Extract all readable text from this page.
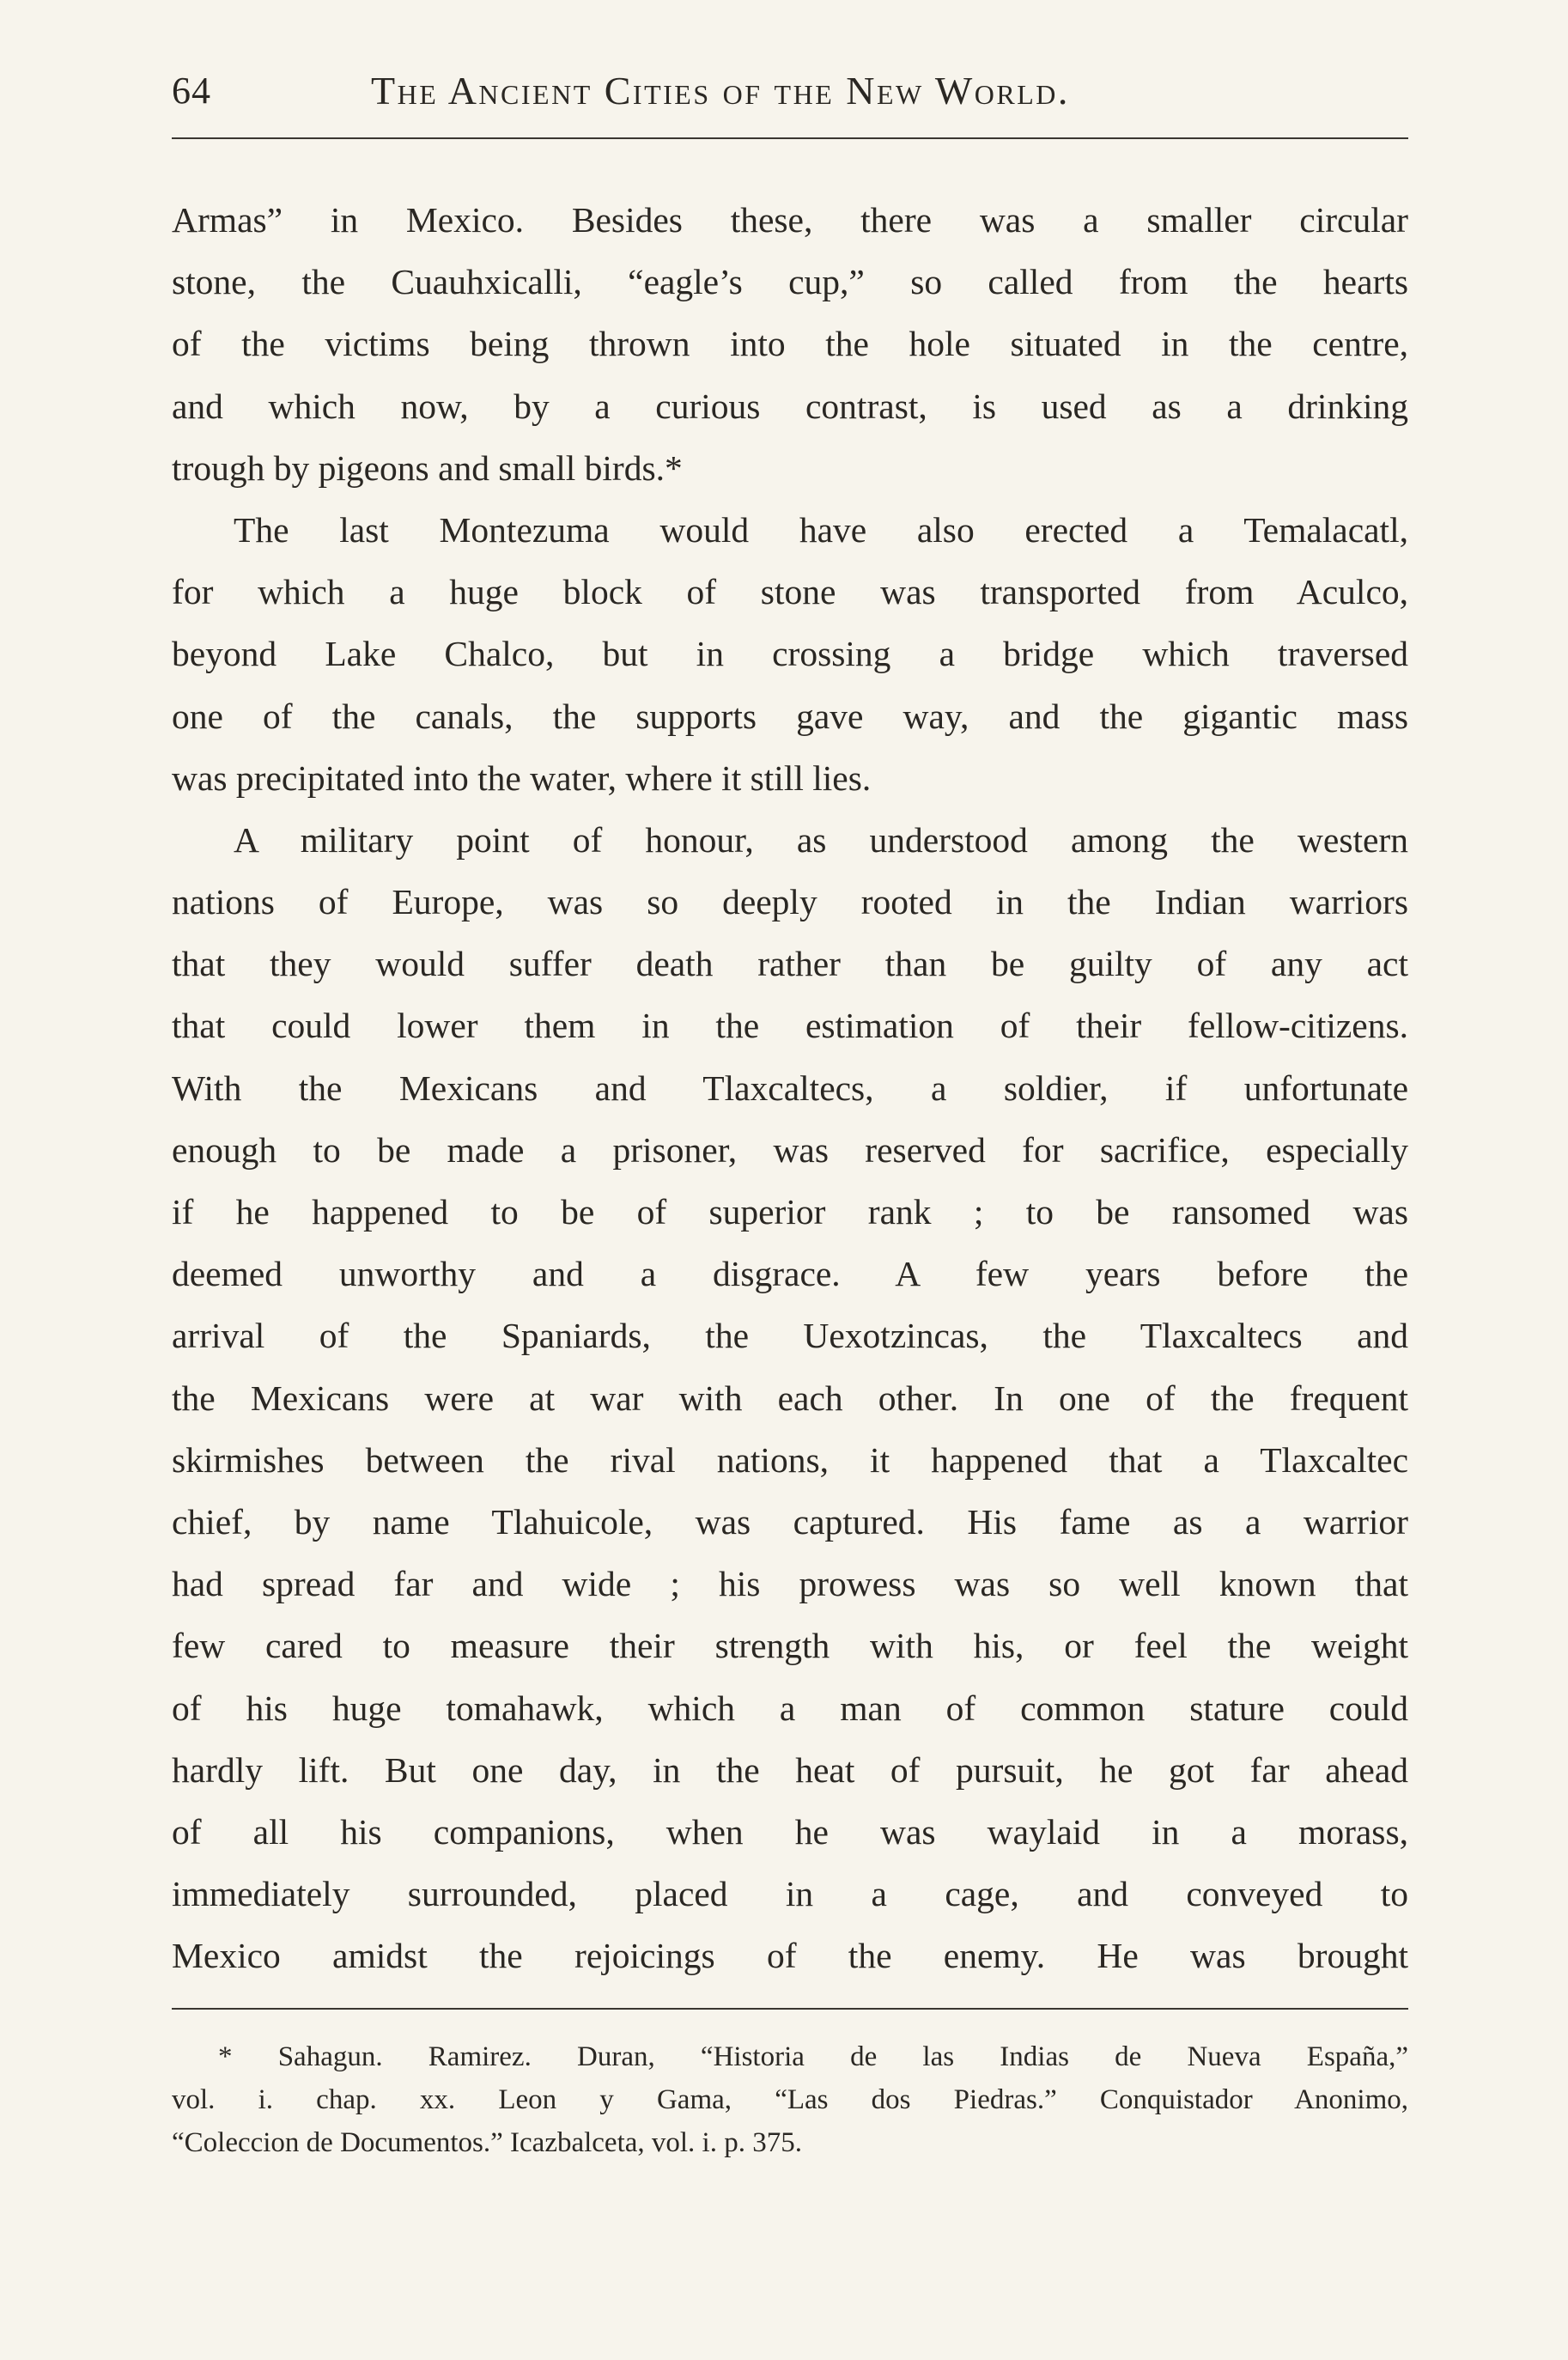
64	The Ancient Cities of the New World.
Armas” in Mexico. Besides these, there was a smaller circular
stone, the Cuauhxicalli, “eagle’s cup,” so called from the hearts
of the victims being thrown into the hole situated in the centre,
and which now, by a curious contrast, is used as a drinking
trough by pigeons and small birds.*
The last Montezuma would have also erected a Temalacatl,
for which a huge block of stone was transported from Aculco,
beyond Lake Chalco, but in crossing a bridge which traversed
one of the canals, the supports gave way, and the gigantic mass
was precipitated into the water, where it still lies.
A military point of honour, as understood among the western
nations of Europe, was so deeply rooted in the Indian warriors
that they would suffer death rather than be guilty of any act
that could lower them in the estimation of their fellow-citizens.
With the Mexicans and Tlaxcaltecs, a soldier, if unfortunate
enough to be made a prisoner, was reserved for sacrifice, especially
if he happened to be of superior rank ; to be ransomed was
deemed unworthy and a disgrace. A few years before the
arrival of the Spaniards, the Uexotzincas, the Tlaxcaltecs and
the Mexicans were at war with each other. In one of the frequent
skirmishes between the rival nations, it happened that a Tlaxcaltec
chief, by name Tlahuicole, was captured. His fame as a warrior
had spread far and wide ; his prowess was so well known that
few cared to measure their strength with his, or feel the weight
of his huge tomahawk, which a man of common stature could
hardly lift. But one day, in the heat of pursuit, he got far ahead
of all his companions, when he was waylaid in a morass,
immediately surrounded, placed in a cage, and conveyed to
Mexico amidst the rejoicings of the enemy. He was brought
* Sahagun. Ramirez. Duran, “Historia de las Indias de Nueva España,”
vol. i. chap. xx. Leon y Gama, “Las dos Piedras.” Conquistador Anonimo,
“Coleccion de Documentos.” Icazbalceta, vol. i. p. 375.
